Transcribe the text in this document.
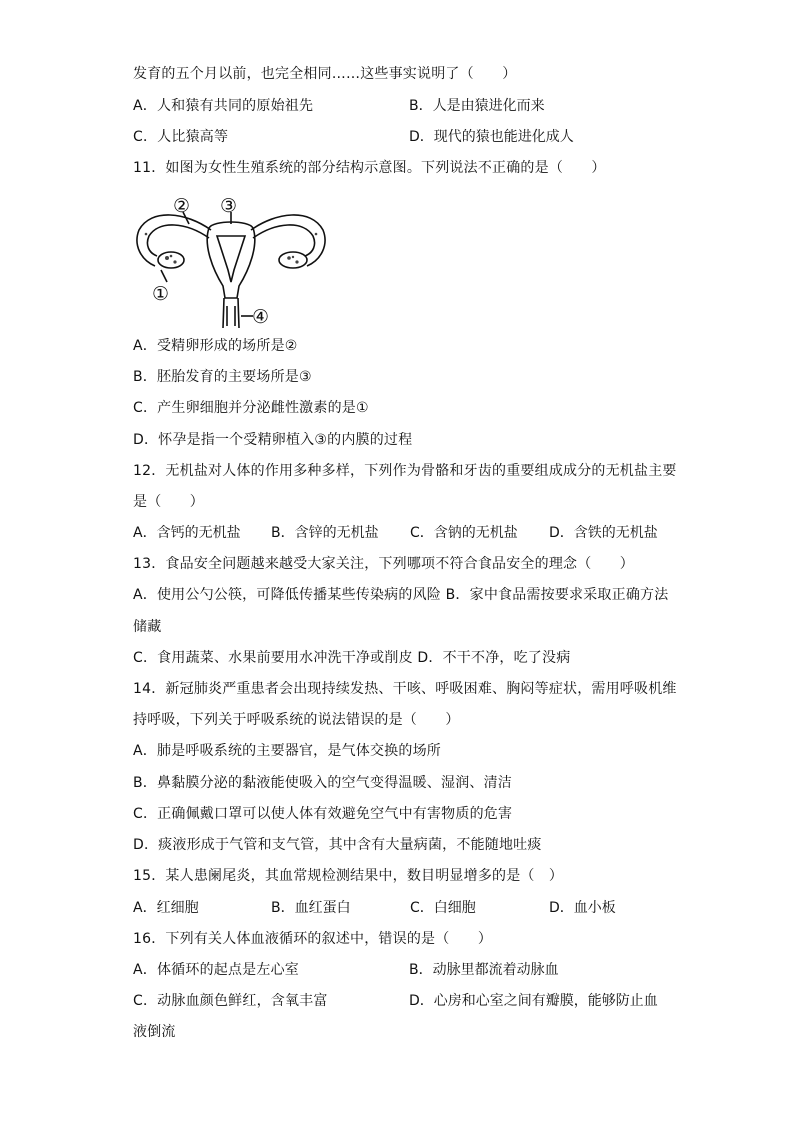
发育的五个月以前，也完全相同……这些事实说明了（　　）
A．人和猿有共同的原始祖先	B．人是由猿进化而来
C．人比猿高等	D．现代的猿也能进化成人
11．如图为女性生殖系统的部分结构示意图。下列说法不正确的是（　　）
② ③
①
④
A．受精卵形成的场所是②
B．胚胎发育的主要场所是③
C．产生卵细胞并分泌雌性激素的是①
D．怀孕是指一个受精卵植入③的内膜的过程
12．无机盐对人体的作用多种多样，下列作为骨骼和牙齿的重要组成成分的无机盐主要
是（　　）
A．含钙的无机盐 B．含锌的无机盐 C．含钠的无机盐 D．含铁的无机盐
13．食品安全问题越来越受大家关注，下列哪项不符合食品安全的理念（　　）
A．使用公勺公筷，可降低传播某些传染病的风险 B．家中食品需按要求采取正确方法
储藏
C．食用蔬菜、水果前要用水冲洗干净或削皮 D．不干不净，吃了没病
14．新冠肺炎严重患者会出现持续发热、干咳、呼吸困难、胸闷等症状，需用呼吸机维
持呼吸，下列关于呼吸系统的说法错误的是（　　）
A．肺是呼吸系统的主要器官，是气体交换的场所
B．鼻黏膜分泌的黏液能使吸入的空气变得温暖、湿润、清洁
C．正确佩戴口罩可以使人体有效避免空气中有害物质的危害
D．痰液形成于气管和支气管，其中含有大量病菌，不能随地吐痰
15．某人患阑尾炎，其血常规检测结果中，数目明显增多的是（　）
A．红细胞	B．血红蛋白	C．白细胞	D．血小板
16．下列有关人体血液循环的叙述中，错误的是（　　）
A．体循环的起点是左心室	B．动脉里都流着动脉血
C．动脉血颜色鲜红，含氧丰富	D．心房和心室之间有瓣膜，能够防止血
液倒流
